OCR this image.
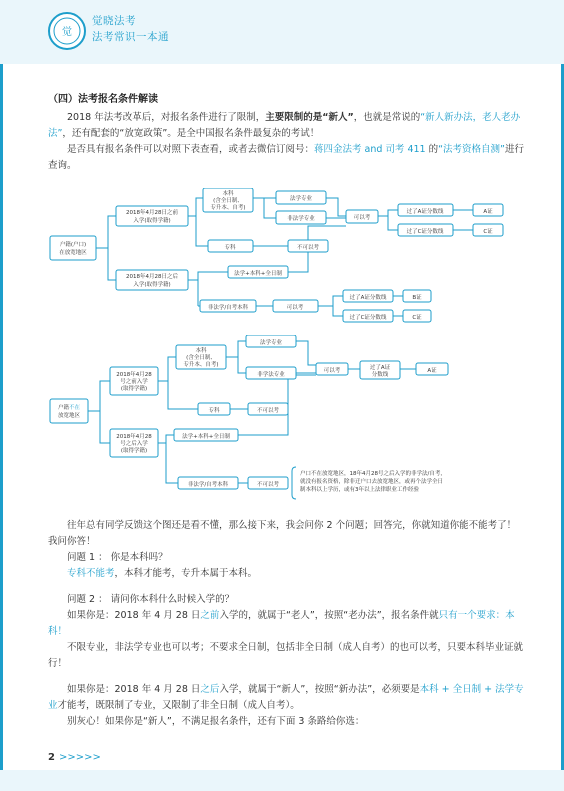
觉
觉晓法考
法考常识一本通
（四）法考报名条件解读

2018 年法考改革后，对报名条件进行了限制，主要限制的是“新人”，也就是常说的“新人新办法，老人老办法”，还有配套的“放宽政策”。是全中国报名条件最复杂的考试！

是否具有报名条件可以对照下表查看，或者去微信订阅号：蒋四金法考 and 司考 411 的“法考资格自测”进行查询。

户籍(户口)在放宽地区
2018年4月28日之前入学(取得学籍)
2018年4月28日之后入学(取得学籍)
本科(含全日制、专升本、自考)
法学专业
非法学专业	可以考
过了A证分数线
过了C证分数线
A证
C证
专科	不可以考
法学+本科+全日制
非法学/自考本科	可以考
过了A证分数线
过了C证分数线
B证
C证
户籍不在放宽地区
2018年4月28 号之前入学(取得学籍)
2018年4月28 号之后入学(取得学籍)
本科(含全日制、专升本、自考)
法学专业
非学法专业
可以考	过了A证分数线
A证
专科	不可以考
法学+本科+全日制
非法学/自考本科	不可以考
户口不在放宽地区，18年4月28号之后入学的非学法/自考，就没有报名资格，除非迁户口去放宽地区，或再个法学全日制本科以上学历，或有3年以上法律职业工作经验

往年总有同学反馈这个图还是看不懂，那么接下来，我会问你 2 个问题；回答完，你就知道你能不能考了！ 我问你答！

问题 1 ： 你是本科吗？

专科不能考，本科才能考，专升本属于本科。

问题 2 ： 请问你本科什么时候入学的？

如果你是：2018 年 4 月 28 日之前入学的，就属于“老人”，按照“老办法”，报名条件就只有一个要求：本科！

不限专业，非法学专业也可以考；不要求全日制，包括非全日制（成人自考）的也可以考，只要本科毕业证就行！

如果你是：2018 年 4 月 28 日之后入学，就属于“新人”，按照“新办法”，必须要是本科 + 全日制 + 法学专业才能考，既限制了专业，又限制了非全日制（成人自考）。

别灰心！如果你是“新人”，不满足报名条件，还有下面 3 条路给你选：

2 >>>>>
